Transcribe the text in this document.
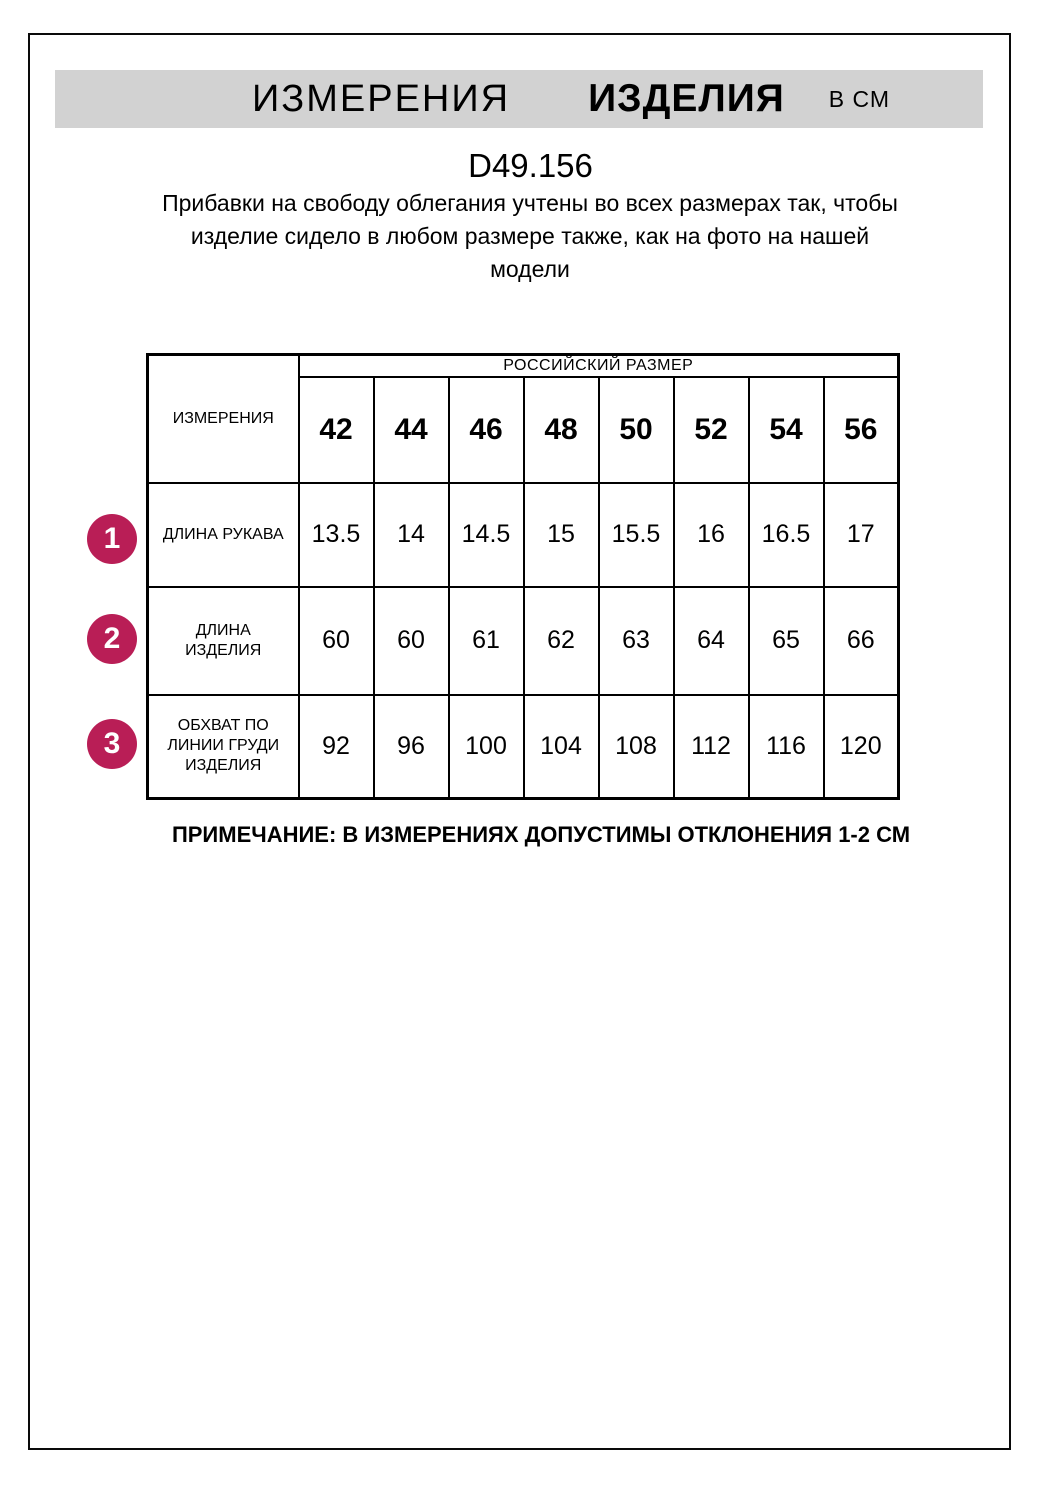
ИЗМЕРЕНИЯ ИЗДЕЛИЯ В СМ
D49.156
Прибавки на свободу облегания учтены во всех размерах так, чтобы
изделие сидело в любом размере также, как на фото на нашей
модели
ИЗМЕРЕНИЯ	РОССИЙСКИЙ РАЗМЕР							
	42	44	46	48	50	52	54	56
ДЛИНА РУКАВА	13.5	14	14.5	15	15.5	16	16.5	17
ДЛИНА ИЗДЕЛИЯ	60	60	61	62	63	64	65	66
ОБХВАТ ПО ЛИНИИ ГРУДИ ИЗДЕЛИЯ	92	96	100	104	108	112	116	120
1
2
3
ПРИМЕЧАНИЕ: В ИЗМЕРЕНИЯХ ДОПУСТИМЫ ОТКЛОНЕНИЯ 1-2 СМ
